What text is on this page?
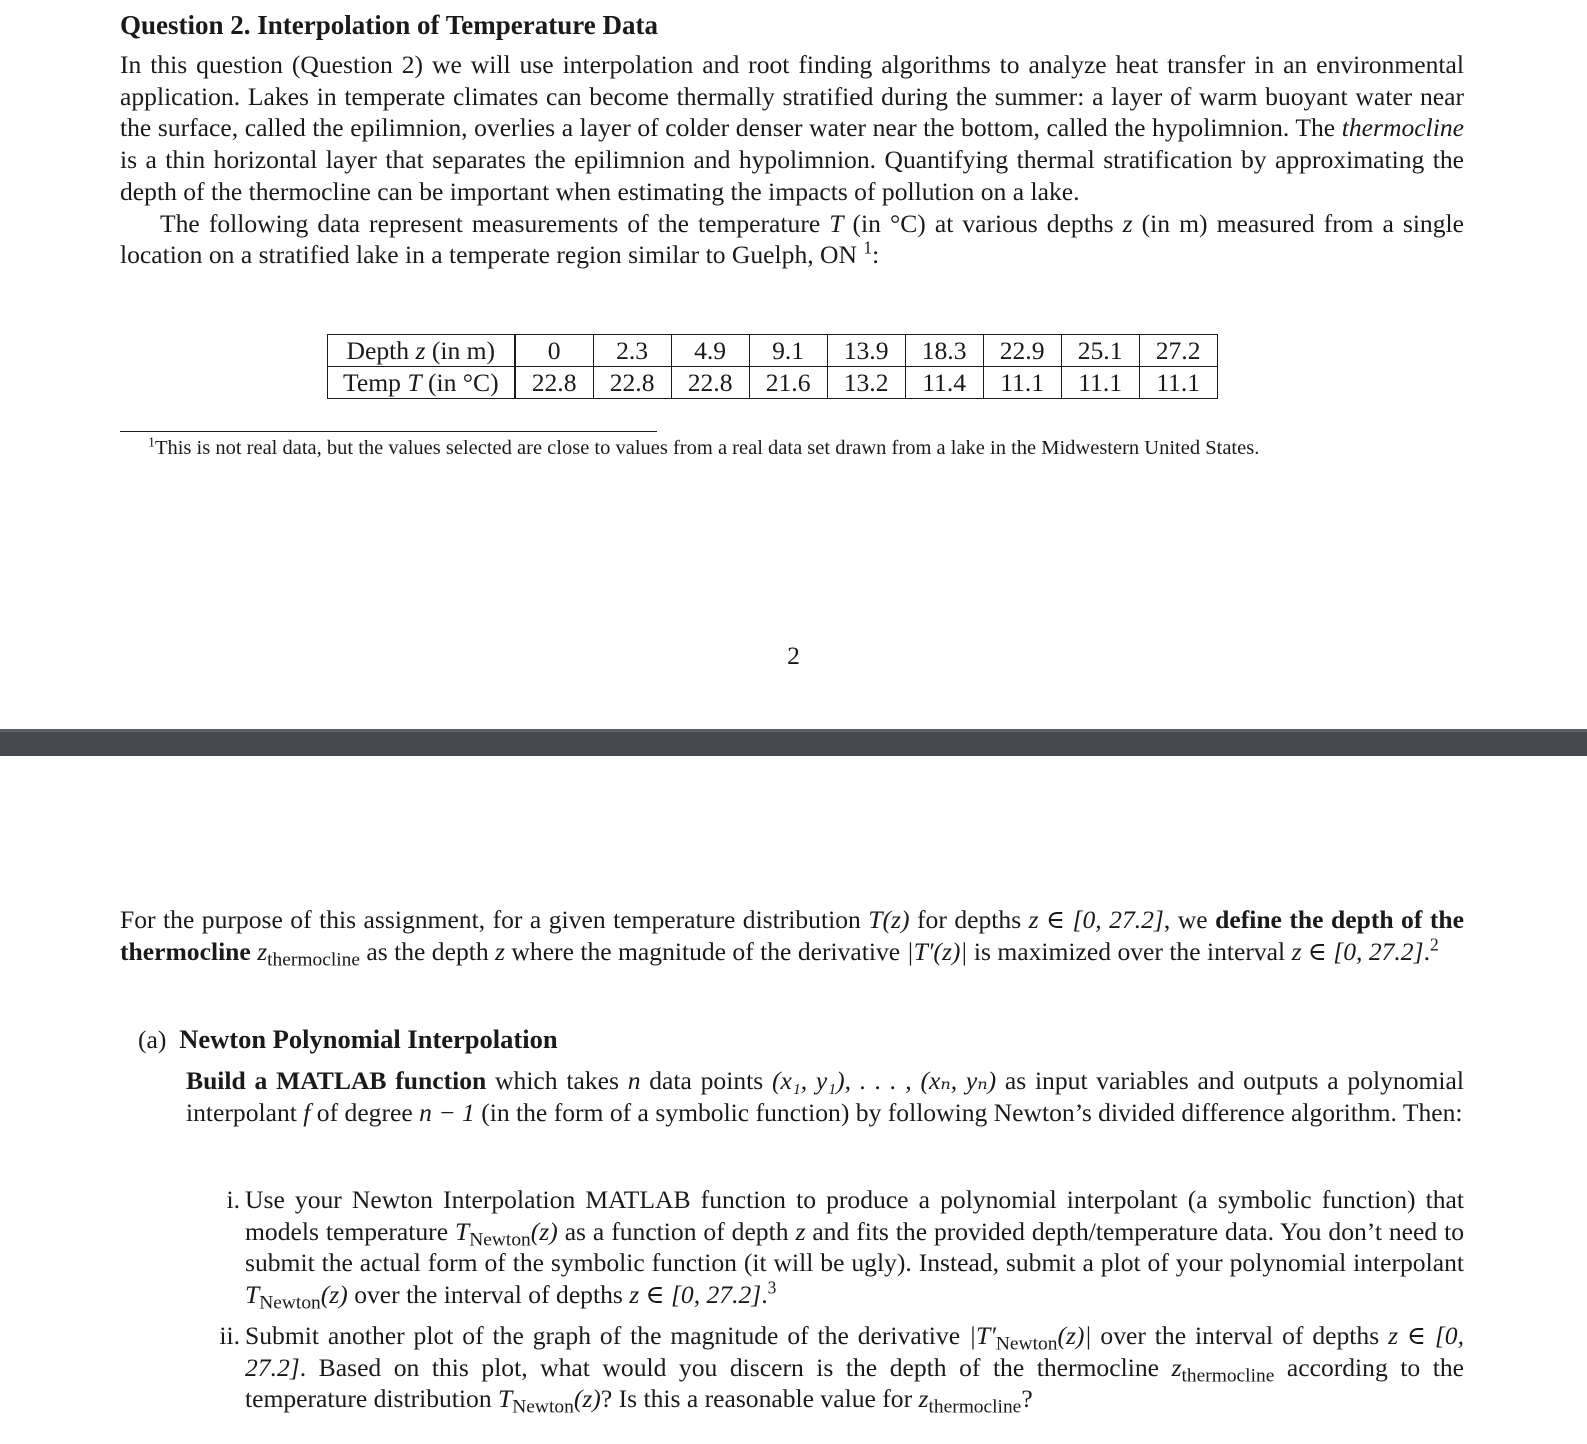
Question 2. Interpolation of Temperature Data

In this question (Question 2) we will use interpolation and root finding algorithms to analyze heat transfer in an environmental application. Lakes in temperate climates can become thermally stratified during the summer: a layer of warm buoyant water near the surface, called the epilimnion, overlies a layer of colder denser water near the bottom, called the hypolimnion. The thermocline is a thin horizontal layer that separates the epilimnion and hypolimnion. Quantifying thermal stratification by approximating the depth of the thermocline can be important when estimating the impacts of pollution on a lake.

The following data represent measurements of the temperature T (in °C) at various depths z (in m) measured from a single location on a stratified lake in a temperate region similar to Guelph, ON $^1$:

Depth z (in m)	0	2.3	4.9	9.1	13.9	18.3	22.9	25.1	27.2
Temp T (in °C)	22.8	22.8	22.8	21.6	13.2	11.4	11.1	11.1	11.1
$^1$This is not real data, but the values selected are close to values from a real data set drawn from a lake in the Midwestern United States.
2
For the purpose of this assignment, for a given temperature distribution T(z) for depths z ∈ [0, 27.2], we define the depth of the thermocline $z_{thermocline}$ as the depth z where the magnitude of the derivative |T′(z)| is maximized over the interval z ∈ [0, 27.2].$^2$
(a) Newton Polynomial Interpolation
Build a MATLAB function which takes n data points (x₁, y₁), . . . , (xₙ, yₙ) as input variables and outputs a polynomial interpolant f of degree n − 1 (in the form of a symbolic function) by following Newton’s divided difference algorithm. Then:
i. Use your Newton Interpolation MATLAB function to produce a polynomial interpolant (a symbolic function) that models temperature $T_{Newton}(z)$ as a function of depth z and fits the provided depth/temperature data. You don’t need to submit the actual form of the symbolic function (it will be ugly). Instead, submit a plot of your polynomial interpolant $T_{Newton}(z)$ over the interval of depths z ∈ [0, 27.2].$^3$
ii. Submit another plot of the graph of the magnitude of the derivative $|T'_{Newton}(z)|$ over the interval of depths z ∈ [0, 27.2]. Based on this plot, what would you discern is the depth of the thermocline $z_{thermocline}$ according to the temperature distribution $T_{Newton}(z)$? Is this a reasonable value for $z_{thermocline}$?
